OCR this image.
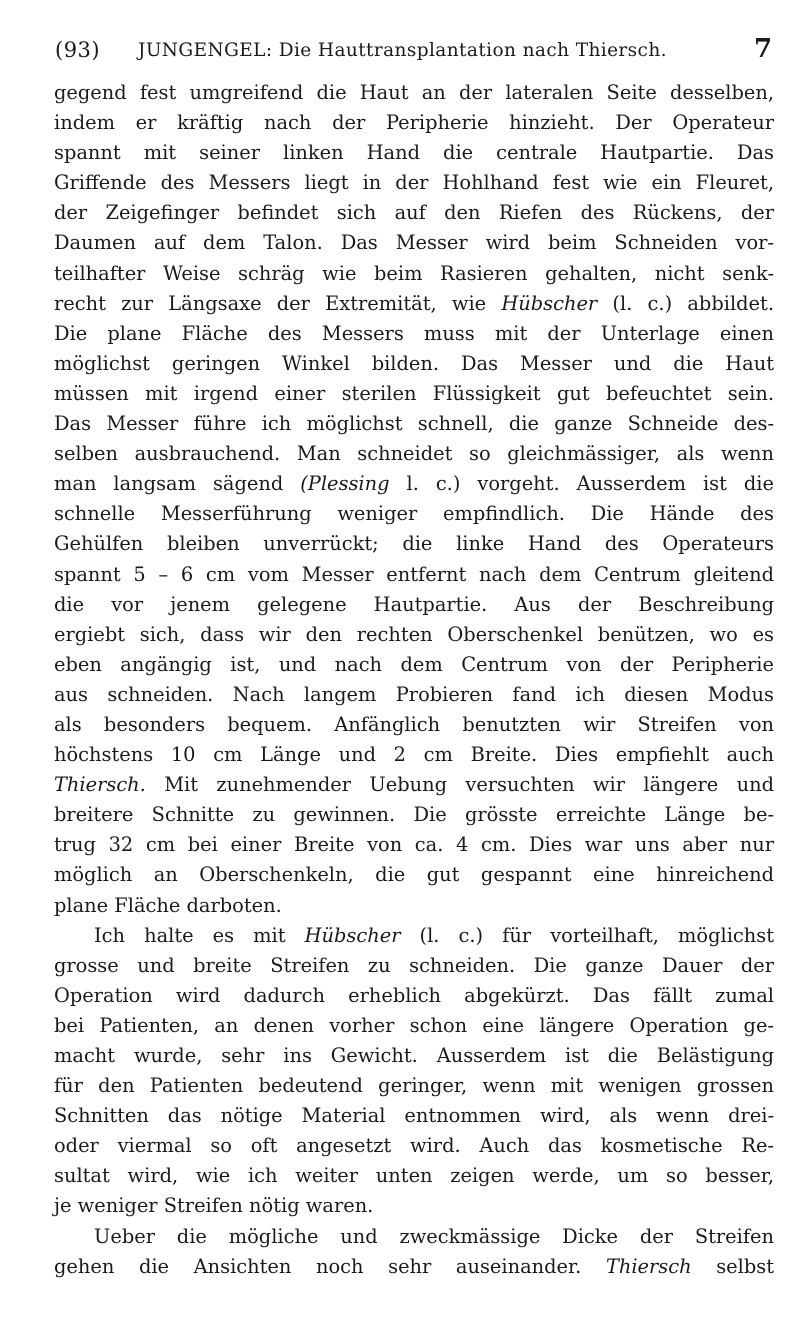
(93) JUNGENGEL: Die Hauttransplantation nach Thiersch.	7
gegend fest umgreifend die Haut an der lateralen Seite desselben,
indem er kräftig nach der Peripherie hinzieht. Der Operateur
spannt mit seiner linken Hand die centrale Hautpartie. Das
Griffende des Messers liegt in der Hohlhand fest wie ein Fleuret,
der Zeigefinger befindet sich auf den Riefen des Rückens, der
Daumen auf dem Talon. Das Messer wird beim Schneiden vor-
teilhafter Weise schräg wie beim Rasieren gehalten, nicht senk-
recht zur Längsaxe der Extremität, wie Hübscher (l. c.) abbildet.
Die plane Fläche des Messers muss mit der Unterlage einen
möglichst geringen Winkel bilden. Das Messer und die Haut
müssen mit irgend einer sterilen Flüssigkeit gut befeuchtet sein.
Das Messer führe ich möglichst schnell, die ganze Schneide des-
selben ausbrauchend. Man schneidet so gleichmässiger, als wenn
man langsam sägend (Plessing l. c.) vorgeht. Ausserdem ist die
schnelle Messerführung weniger empfindlich. Die Hände des
Gehülfen bleiben unverrückt; die linke Hand des Operateurs
spannt 5 – 6 cm vom Messer entfernt nach dem Centrum gleitend
die vor jenem gelegene Hautpartie. Aus der Beschreibung
ergiebt sich, dass wir den rechten Oberschenkel benützen, wo es
eben angängig ist, und nach dem Centrum von der Peripherie
aus schneiden. Nach langem Probieren fand ich diesen Modus
als besonders bequem. Anfänglich benutzten wir Streifen von
höchstens 10 cm Länge und 2 cm Breite. Dies empfiehlt auch
Thiersch. Mit zunehmender Uebung versuchten wir längere und
breitere Schnitte zu gewinnen. Die grösste erreichte Länge be-
trug 32 cm bei einer Breite von ca. 4 cm. Dies war uns aber nur
möglich an Oberschenkeln, die gut gespannt eine hinreichend
plane Fläche darboten.
Ich halte es mit Hübscher (l. c.) für vorteilhaft, möglichst
grosse und breite Streifen zu schneiden. Die ganze Dauer der
Operation wird dadurch erheblich abgekürzt. Das fällt zumal
bei Patienten, an denen vorher schon eine längere Operation ge-
macht wurde, sehr ins Gewicht. Ausserdem ist die Belästigung
für den Patienten bedeutend geringer, wenn mit wenigen grossen
Schnitten das nötige Material entnommen wird, als wenn drei-
oder viermal so oft angesetzt wird. Auch das kosmetische Re-
sultat wird, wie ich weiter unten zeigen werde, um so besser,
je weniger Streifen nötig waren.
Ueber die mögliche und zweckmässige Dicke der Streifen
gehen die Ansichten noch sehr auseinander. Thiersch selbst
